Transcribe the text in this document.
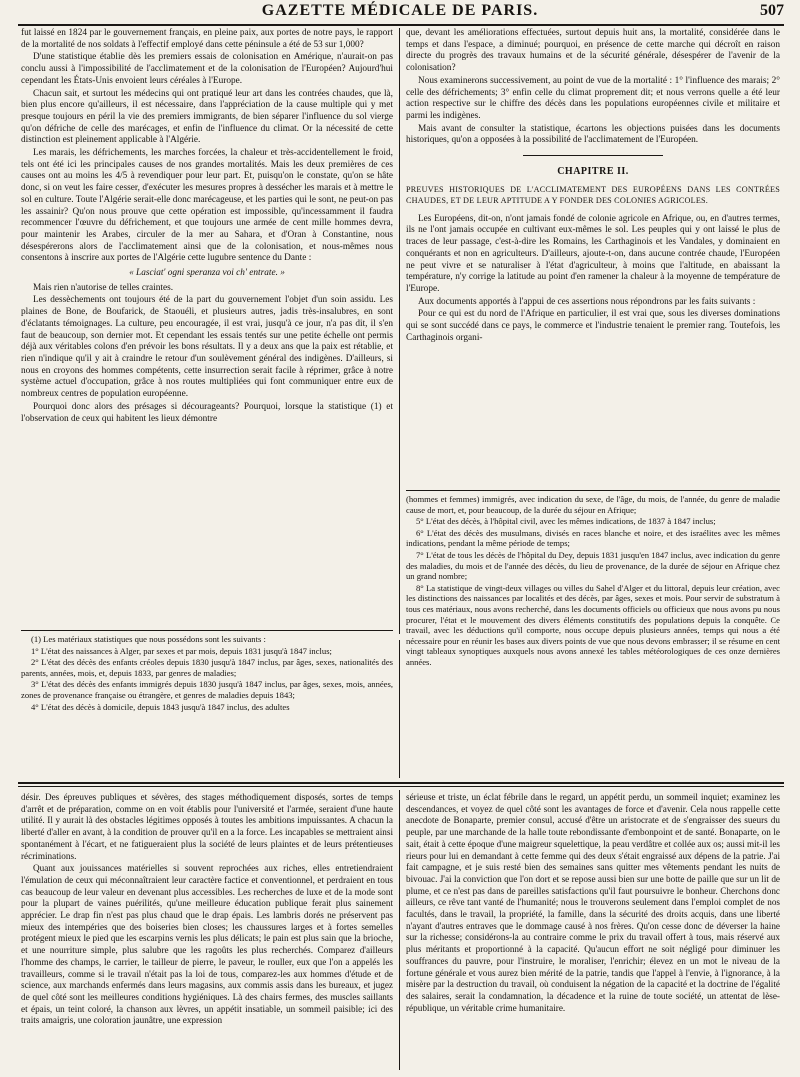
GAZETTE MÉDICALE DE PARIS.	507

fut laissé en 1824 par le gouvernement français, en pleine paix, aux portes de notre pays, le rapport de la mortalité de nos soldats à l'effectif employé dans cette péninsule a été de 53 sur 1,000?

D'une statistique établie dès les premiers essais de colonisation en Amérique, n'aurait-on pas conclu aussi à l'impossibilité de l'acclimatement et de la colonisation de l'Européen? Aujourd'hui cependant les États-Unis envoient leurs céréales à l'Europe.

Chacun sait, et surtout les médecins qui ont pratiqué leur art dans les contrées chaudes, que là, bien plus encore qu'ailleurs, il est nécessaire, dans l'appréciation de la cause multiple qui y met presque toujours en péril la vie des premiers immigrants, de bien séparer l'influence du sol vierge qu'on défriche de celle des marécages, et enfin de l'influence du climat. Or la nécessité de cette distinction est pleinement applicable à l'Algérie.

Les marais, les défrichements, les marches forcées, la chaleur et très-accidentellement le froid, tels ont été ici les principales causes de nos grandes mortalités. Mais les deux premières de ces causes ont au moins les 4/5 à revendiquer pour leur part. Et, puisqu'on le constate, qu'on se hâte donc, si on veut les faire cesser, d'exécuter les mesures propres à dessécher les marais et à mettre le sol en culture. Toute l'Algérie serait-elle donc marécageuse, et les parties qui le sont, ne peut-on pas les assainir? Qu'on nous prouve que cette opération est impossible, qu'incessamment il faudra recommencer l'œuvre du défrichement, et que toujours une armée de cent mille hommes devra, pour maintenir les Arabes, circuler de la mer au Sahara, et d'Oran à Constantine, nous désespérerons alors de l'acclimatement ainsi que de la colonisation, et nous-mêmes nous consentons à inscrire aux portes de l'Algérie cette lugubre sentence du Dante :

« Lasciat' ogni speranza voi ch' entrate. »

Mais rien n'autorise de telles craintes.

Les dessèchements ont toujours été de la part du gouvernement l'objet d'un soin assidu. Les plaines de Bone, de Boufarick, de Staouéli, et plusieurs autres, jadis très-insalubres, en sont d'éclatants témoignages. La culture, peu encouragée, il est vrai, jusqu'à ce jour, n'a pas dit, il s'en faut de beaucoup, son dernier mot. Et cependant les essais tentés sur une petite échelle ont permis déjà aux véritables colons d'en prévoir les bons résultats. Il y a deux ans que la paix est rétablie, et rien n'indique qu'il y ait à craindre le retour d'un soulèvement général des indigènes. D'ailleurs, si nous en croyons des hommes compétents, cette insurrection serait facile à réprimer, grâce à notre système actuel d'occupation, grâce à nos routes multipliées qui font communiquer entre eux de nombreux centres de population européenne.

Pourquoi donc alors des présages si décourageants? Pourquoi, lorsque la statistique (1) et l'observation de ceux qui habitent les lieux démontre

que, devant les améliorations effectuées, surtout depuis huit ans, la mortalité, considérée dans le temps et dans l'espace, a diminué; pourquoi, en présence de cette marche qui décroît en raison directe du progrès des travaux humains et de la sécurité générale, désespérer de l'avenir de la colonisation?

Nous examinerons successivement, au point de vue de la mortalité : 1° l'influence des marais; 2° celle des défrichements; 3° enfin celle du climat proprement dit; et nous verrons quelle a été leur action respective sur le chiffre des décès dans les populations européennes civile et militaire et parmi les indigènes.

Mais avant de consulter la statistique, écartons les objections puisées dans les documents historiques, qu'on a opposées à la possibilité de l'acclimatement de l'Européen.

CHAPITRE II.
PREUVES HISTORIQUES DE L'ACCLIMATEMENT DES EUROPÉENS DANS LES CONTRÉES CHAUDES, ET DE LEUR APTITUDE A Y FONDER DES COLONIES AGRICOLES.

Les Européens, dit-on, n'ont jamais fondé de colonie agricole en Afrique, ou, en d'autres termes, ils ne l'ont jamais occupée en cultivant eux-mêmes le sol. Les peuples qui y ont laissé le plus de traces de leur passage, c'est-à-dire les Romains, les Carthaginois et les Vandales, y dominaient en conquérants et non en agriculteurs. D'ailleurs, ajoute-t-on, dans aucune contrée chaude, l'Européen ne peut vivre et se naturaliser à l'état d'agriculteur, à moins que l'altitude, en abaissant la température, n'y corrige la latitude au point d'en ramener la chaleur à la moyenne de température de l'Europe.

Aux documents apportés à l'appui de ces assertions nous répondrons par les faits suivants :

Pour ce qui est du nord de l'Afrique en particulier, il est vrai que, sous les diverses dominations qui se sont succédé dans ce pays, le commerce et l'industrie tenaient le premier rang. Toutefois, les Carthaginois organi-

(1) Les matériaux statistiques que nous possédons sont les suivants :

1° L'état des naissances à Alger, par sexes et par mois, depuis 1831 jusqu'à 1847 inclus;

2° L'état des décès des enfants créoles depuis 1830 jusqu'à 1847 inclus, par âges, sexes, nationalités des parents, années, mois, et, depuis 1833, par genres de maladies;

3° L'état des décès des enfants immigrés depuis 1830 jusqu'à 1847 inclus, par âges, sexes, mois, années, zones de provenance française ou étrangère, et genres de maladies depuis 1843;

4° L'état des décès à domicile, depuis 1843 jusqu'à 1847 inclus, des adultes

(hommes et femmes) immigrés, avec indication du sexe, de l'âge, du mois, de l'année, du genre de maladie cause de mort, et, pour beaucoup, de la durée du séjour en Afrique;

5° L'état des décès, à l'hôpital civil, avec les mêmes indications, de 1837 à 1847 inclus;

6° L'état des décès des musulmans, divisés en races blanche et noire, et des israélites avec les mêmes indications, pendant la même période de temps;

7° L'état de tous les décès de l'hôpital du Dey, depuis 1831 jusqu'en 1847 inclus, avec indication du genre des maladies, du mois et de l'année des décès, du lieu de provenance, de la durée de séjour en Afrique chez un grand nombre;

8° La statistique de vingt-deux villages ou villes du Sahel d'Alger et du littoral, depuis leur création, avec les distinctions des naissances par localités et des décès, par âges, sexes et mois. Pour servir de substratum à tous ces matériaux, nous avons recherché, dans les documents officiels ou officieux que nous avons pu nous procurer, l'état et le mouvement des divers éléments constitutifs des populations depuis la conquête. Ce travail, avec les déductions qu'il comporte, nous occupe depuis plusieurs années, temps qui nous a été nécessaire pour en réunir les bases aux divers points de vue que nous devons embrasser; il se résume en cent vingt tableaux synoptiques auxquels nous avons annexé les tables météorologiques de ces onze dernières années.

désir. Des épreuves publiques et sévères, des stages méthodiquement disposés, sortes de temps d'arrêt et de préparation, comme on en voit établis pour l'université et l'armée, seraient d'une haute utilité. Il y aurait là des obstacles légitimes opposés à toutes les ambitions impuissantes. A chacun la liberté d'aller en avant, à la condition de prouver qu'il en a la force. Les incapables se mettraient ainsi spontanément à l'écart, et ne fatigueraient plus la société de leurs plaintes et de leurs prétentieuses récriminations.

Quant aux jouissances matérielles si souvent reprochées aux riches, elles entretiendraient l'émulation de ceux qui méconnaîtraient leur caractère factice et conventionnel, et perdraient en tous cas beaucoup de leur valeur en devenant plus accessibles. Les recherches de luxe et de la mode sont pour la plupart de vaines puérilités, qu'une meilleure éducation publique ferait plus sainement apprécier. Le drap fin n'est pas plus chaud que le drap épais. Les lambris dorés ne préservent pas mieux des intempéries que des boiseries bien closes; les chaussures larges et à fortes semelles protégent mieux le pied que les escarpins vernis les plus délicats; le pain est plus sain que la brioche, et une nourriture simple, plus salubre que les ragoûts les plus recherchés. Comparez d'ailleurs l'homme des champs, le carrier, le tailleur de pierre, le paveur, le rouller, eux que l'on a appelés les travailleurs, comme si le travail n'était pas la loi de tous, comparez-les aux hommes d'étude et de science, aux marchands enfermés dans leurs magasins, aux commis assis dans les bureaux, et jugez de quel côté sont les meilleures conditions hygiéniques. Là des chairs fermes, des muscles saillants et épais, un teint coloré, la chanson aux lèvres, un appétit insatiable, un sommeil paisible; ici des traits amaigris, une coloration jaunâtre, une expression

sérieuse et triste, un éclat fébrile dans le regard, un appétit perdu, un sommeil inquiet; examinez les descendances, et voyez de quel côté sont les avantages de force et d'avenir. Cela nous rappelle cette anecdote de Bonaparte, premier consul, accusé d'être un aristocrate et de s'engraisser des sueurs du peuple, par une marchande de la halle toute rebondissante d'embonpoint et de santé. Bonaparte, on le sait, était à cette époque d'une maigreur squelettique, la peau verdâtre et collée aux os; aussi mit-il les rieurs pour lui en demandant à cette femme qui des deux s'était engraissé aux dépens de la patrie. J'ai fait campagne, et je suis resté bien des semaines sans quitter mes vêtements pendant les nuits de bivouac. J'ai la conviction que l'on dort et se repose aussi bien sur une botte de paille que sur un lit de plume, et ce n'est pas dans de pareilles satisfactions qu'il faut poursuivre le bonheur. Cherchons donc ailleurs, ce rêve tant vanté de l'humanité; nous le trouverons seulement dans l'emploi complet de nos facultés, dans le travail, la propriété, la famille, dans la sécurité des droits acquis, dans une liberté n'ayant d'autres entraves que le dommage causé à nos frères. Qu'on cesse donc de déverser la haine sur la richesse; considérons-la au contraire comme le prix du travail offert à tous, mais réservé aux plus méritants et proportionné à la capacité. Qu'aucun effort ne soit négligé pour diminuer les souffrances du pauvre, pour l'instruire, le moraliser, l'enrichir; élevez en un mot le niveau de la fortune générale et vous aurez bien mérité de la patrie, tandis que l'appel à l'envie, à l'ignorance, à la misère par la destruction du travail, où conduisent la négation de la capacité et la doctrine de l'égalité des salaires, serait la condamnation, la décadence et la ruine de toute société, un attentat de lèse-république, un véritable crime humanitaire.
